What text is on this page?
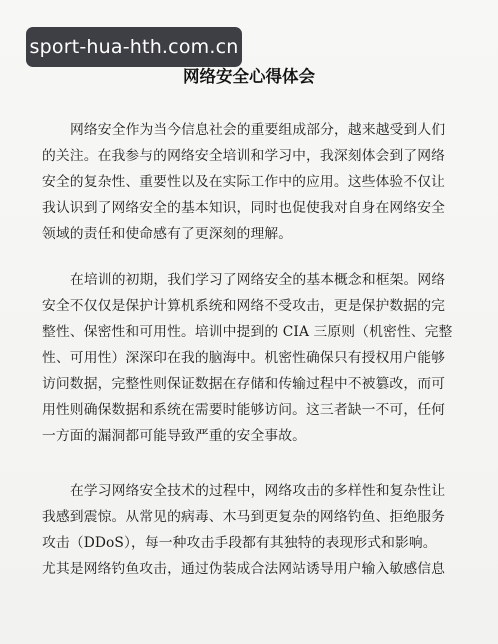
sport-hua-hth.com.cn
网络安全心得体会
网络安全作为当今信息社会的重要组成部分，越来越受到人们
的关注。在我参与的网络安全培训和学习中，我深刻体会到了网络
安全的复杂性、重要性以及在实际工作中的应用。这些体验不仅让
我认识到了网络安全的基本知识，同时也促使我对自身在网络安全
领域的责任和使命感有了更深刻的理解。
在培训的初期，我们学习了网络安全的基本概念和框架。网络
安全不仅仅是保护计算机系统和网络不受攻击，更是保护数据的完
整性、保密性和可用性。培训中提到的 CIA 三原则（机密性、完整
性、可用性）深深印在我的脑海中。机密性确保只有授权用户能够
访问数据，完整性则保证数据在存储和传输过程中不被篡改，而可
用性则确保数据和系统在需要时能够访问。这三者缺一不可，任何
一方面的漏洞都可能导致严重的安全事故。
在学习网络安全技术的过程中，网络攻击的多样性和复杂性让
我感到震惊。从常见的病毒、木马到更复杂的网络钓鱼、拒绝服务
攻击（DDoS），每一种攻击手段都有其独特的表现形式和影响。
尤其是网络钓鱼攻击，通过伪装成合法网站诱导用户输入敏感信息
